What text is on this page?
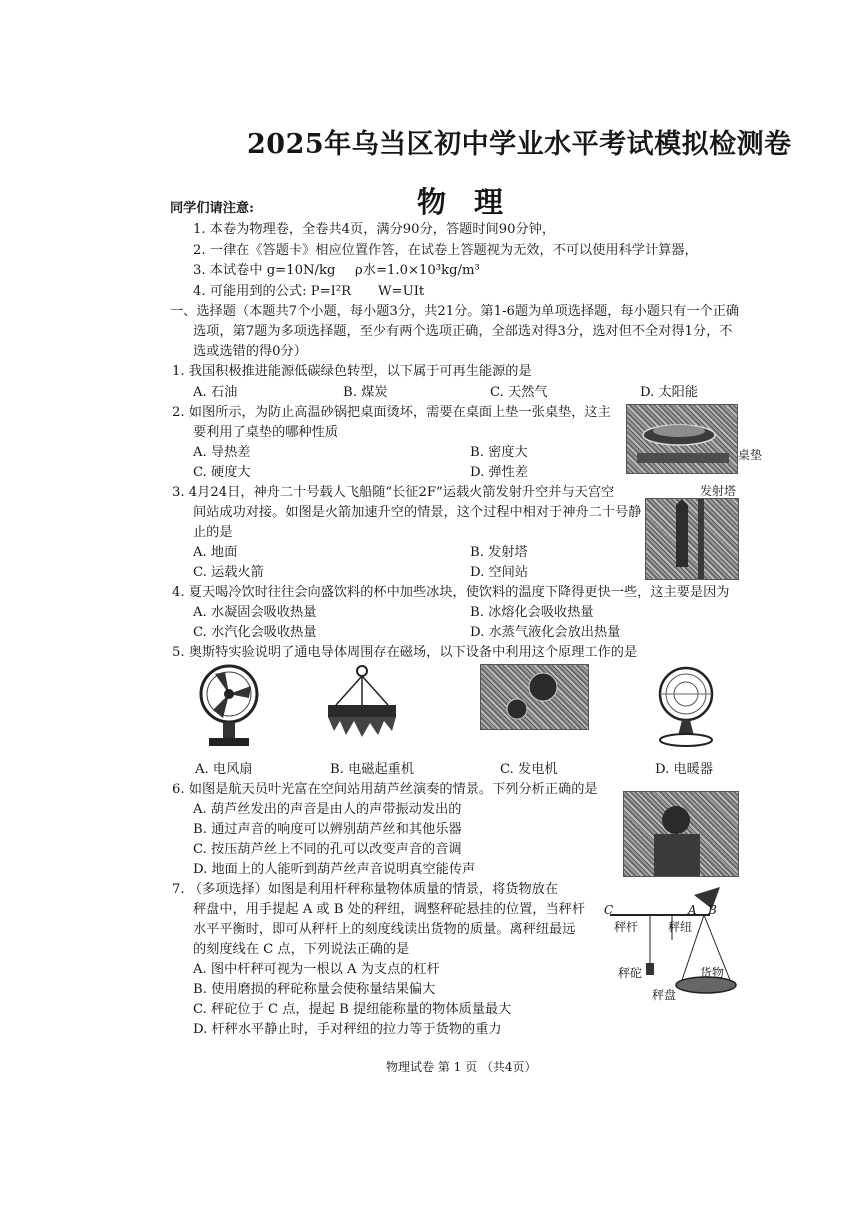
2025年乌当区初中学业水平考试模拟检测卷
物理
同学们请注意:
1. 本卷为物理卷，全卷共4页，满分90分，答题时间90分钟，
2. 一律在《答题卡》相应位置作答，在试卷上答题视为无效，不可以使用科学计算器，
3. 本试卷中 g=10N/kg ρ水=1.0×10³kg/m³
4. 可能用到的公式: P=I²R W=UIt
一、选择题（本题共7个小题，每小题3分，共21分。第1-6题为单项选择题，每小题只有一个正确
选项，第7题为多项选择题，至少有两个选项正确，全部选对得3分，选对但不全对得1分，不
选或选错的得0分）
1. 我国积极推进能源低碳绿色转型，以下属于可再生能源的是
A. 石油	B. 煤炭	C. 天然气	D. 太阳能
2. 如图所示，为防止高温砂锅把桌面烫坏，需要在桌面上垫一张桌垫，这主
要利用了桌垫的哪种性质
A. 导热差	B. 密度大
C. 硬度大	D. 弹性差
桌垫
3. 4月24日，神舟二十号载人飞船随“长征2F”运载火箭发射升空并与天宫空
间站成功对接。如图是火箭加速升空的情景，这个过程中相对于神舟二十号静
止的是
A. 地面	B. 发射塔
C. 运载火箭	D. 空间站
发射塔
4. 夏天喝冷饮时往往会向盛饮料的杯中加些冰块，使饮料的温度下降得更快一些，这主要是因为
A. 水凝固会吸收热量	B. 冰熔化会吸收热量
C. 水汽化会吸收热量	D. 水蒸气液化会放出热量
5. 奥斯特实验说明了通电导体周围存在磁场，以下设备中利用这个原理工作的是
A. 电风扇	B. 电磁起重机	C. 发电机	D. 电暖器
6. 如图是航天员叶光富在空间站用葫芦丝演奏的情景。下列分析正确的是
A. 葫芦丝发出的声音是由人的声带振动发出的
B. 通过声音的响度可以辨别葫芦丝和其他乐器
C. 按压葫芦丝上不同的孔可以改变声音的音调
D. 地面上的人能听到葫芦丝声音说明真空能传声
7. （多项选择）如图是利用杆秤称量物体质量的情景，将货物放在
秤盘中，用手提起 A 或 B 处的秤纽，调整秤砣悬挂的位置，当秤杆
水平平衡时，即可从秤杆上的刻度线读出货物的质量。离秤纽最远
的刻度线在 C 点，下列说法正确的是
A. 图中杆秤可视为一根以 A 为支点的杠杆
B. 使用磨损的秤砣称量会使称量结果偏大
C. 秤砣位于 C 点，提起 B 提纽能称量的物体质量最大
D. 杆秤水平静止时，手对秤纽的拉力等于货物的重力
C	A B
秤杆 秤纽
秤砣	货物
秤盘
物理试卷 第 1 页 （共4页）
